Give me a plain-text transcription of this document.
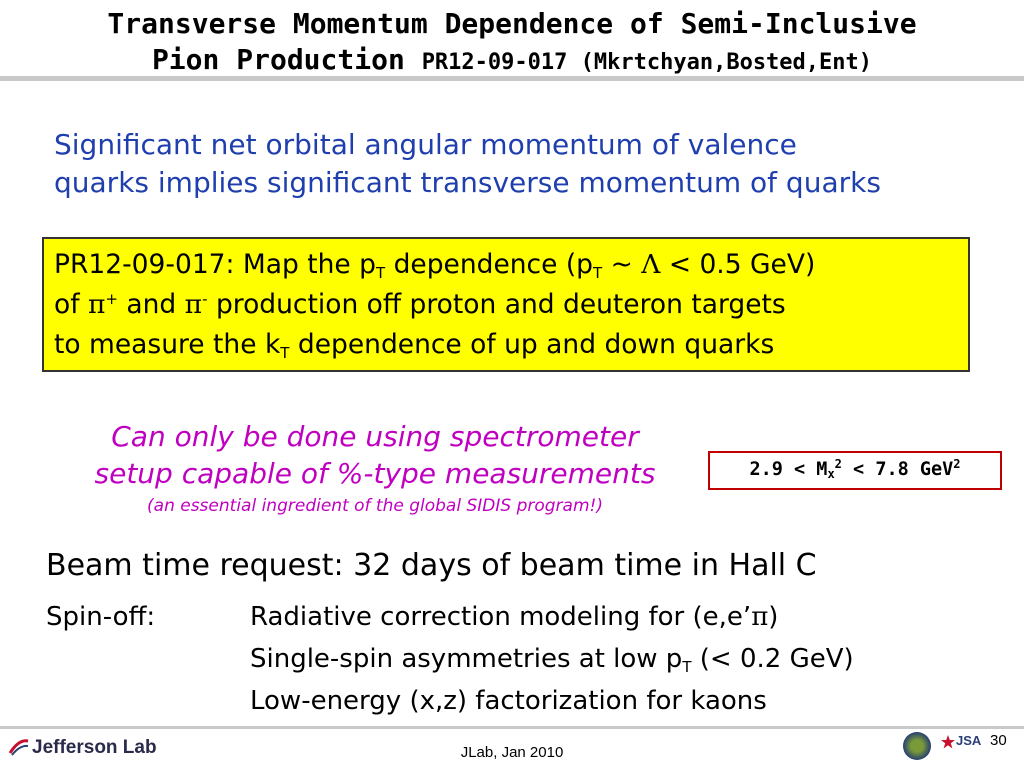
Transverse Momentum Dependence of Semi-Inclusive
Pion Production PR12-09-017 (Mkrtchyan,Bosted,Ent)
Significant net orbital angular momentum of valence
quarks implies significant transverse momentum of quarks
PR12-09-017: Map the $p_T$ dependence ($p_T$ ~ Λ < 0.5 GeV)
of π+ and π- production off proton and deuteron targets
to measure the $k_T$ dependence of up and down quarks
Can only be done using spectrometer
setup capable of %-type measurements
(an essential ingredient of the global SIDIS program!)
$2.9 < M_x^2 < 7.8$ GeV$^2$
Beam time request: 32 days of beam time in Hall C
Spin-off:	Radiative correction modeling for (e,e’π)
Single-spin asymmetries at low $p_T$ (< 0.2 GeV)
Low-energy (x,z) factorization for kaons
Jefferson Lab	JLab, Jan 2010
JSA 30
